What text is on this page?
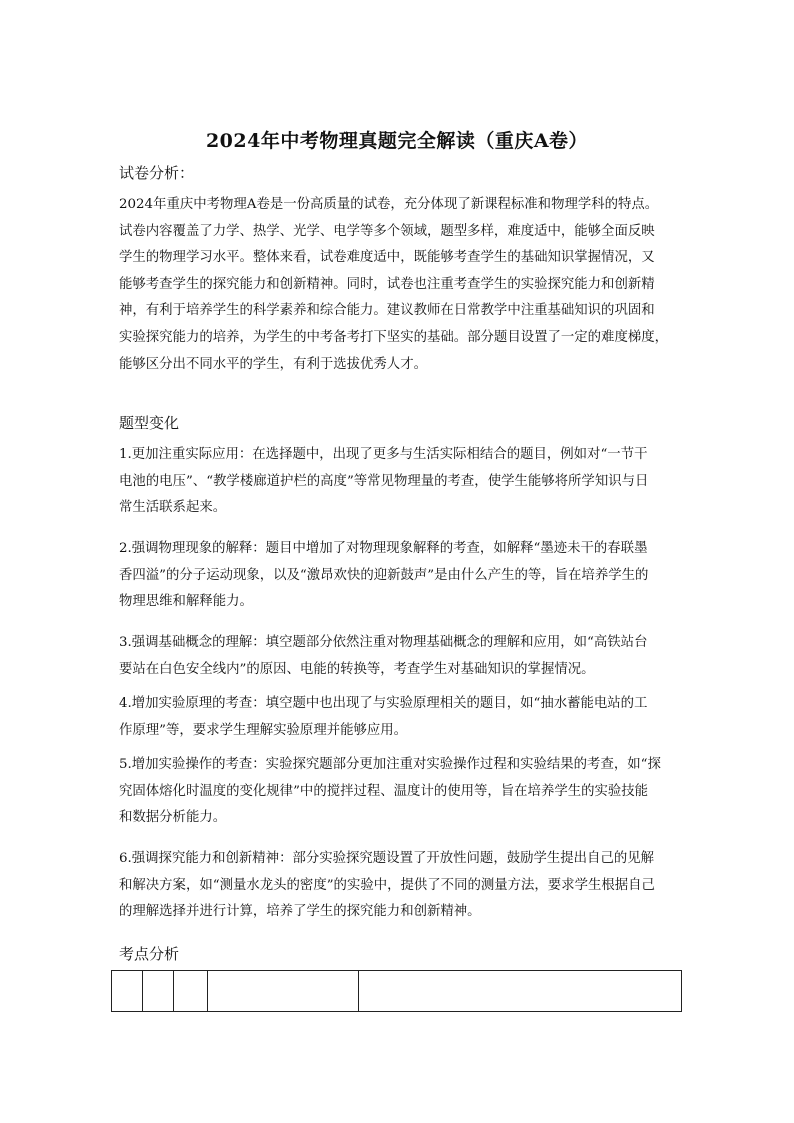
2024年中考物理真题完全解读（重庆A卷）
试卷分析：
2024年重庆中考物理A卷是一份高质量的试卷，充分体现了新课程标准和物理学科的特点。
试卷内容覆盖了力学、热学、光学、电学等多个领域，题型多样，难度适中，能够全面反映
学生的物理学习水平。整体来看，试卷难度适中，既能够考查学生的基础知识掌握情况，又
能够考查学生的探究能力和创新精神。同时，试卷也注重考查学生的实验探究能力和创新精
神，有利于培养学生的科学素养和综合能力。建议教师在日常教学中注重基础知识的巩固和
实验探究能力的培养，为学生的中考备考打下坚实的基础。部分题目设置了一定的难度梯度，
能够区分出不同水平的学生，有利于选拔优秀人才。
题型变化
1.更加注重实际应用：在选择题中，出现了更多与生活实际相结合的题目，例如对“一节干
电池的电压”、“教学楼廊道护栏的高度”等常见物理量的考查，使学生能够将所学知识与日
常生活联系起来。
2.强调物理现象的解释：题目中增加了对物理现象解释的考查，如解释“墨迹未干的春联墨
香四溢”的分子运动现象，以及“激昂欢快的迎新鼓声”是由什么产生的等，旨在培养学生的
物理思维和解释能力。
3.强调基础概念的理解：填空题部分依然注重对物理基础概念的理解和应用，如“高铁站台
要站在白色安全线内”的原因、电能的转换等，考查学生对基础知识的掌握情况。
4.增加实验原理的考查：填空题中也出现了与实验原理相关的题目，如“抽水蓄能电站的工
作原理”等，要求学生理解实验原理并能够应用。
5.增加实验操作的考查：实验探究题部分更加注重对实验操作过程和实验结果的考查，如“探
究固体熔化时温度的变化规律”中的搅拌过程、温度计的使用等，旨在培养学生的实验技能
和数据分析能力。
6.强调探究能力和创新精神：部分实验探究题设置了开放性问题，鼓励学生提出自己的见解
和解决方案，如“测量水龙头的密度”的实验中，提供了不同的测量方法，要求学生根据自己
的理解选择并进行计算，培养了学生的探究能力和创新精神。
考点分析
